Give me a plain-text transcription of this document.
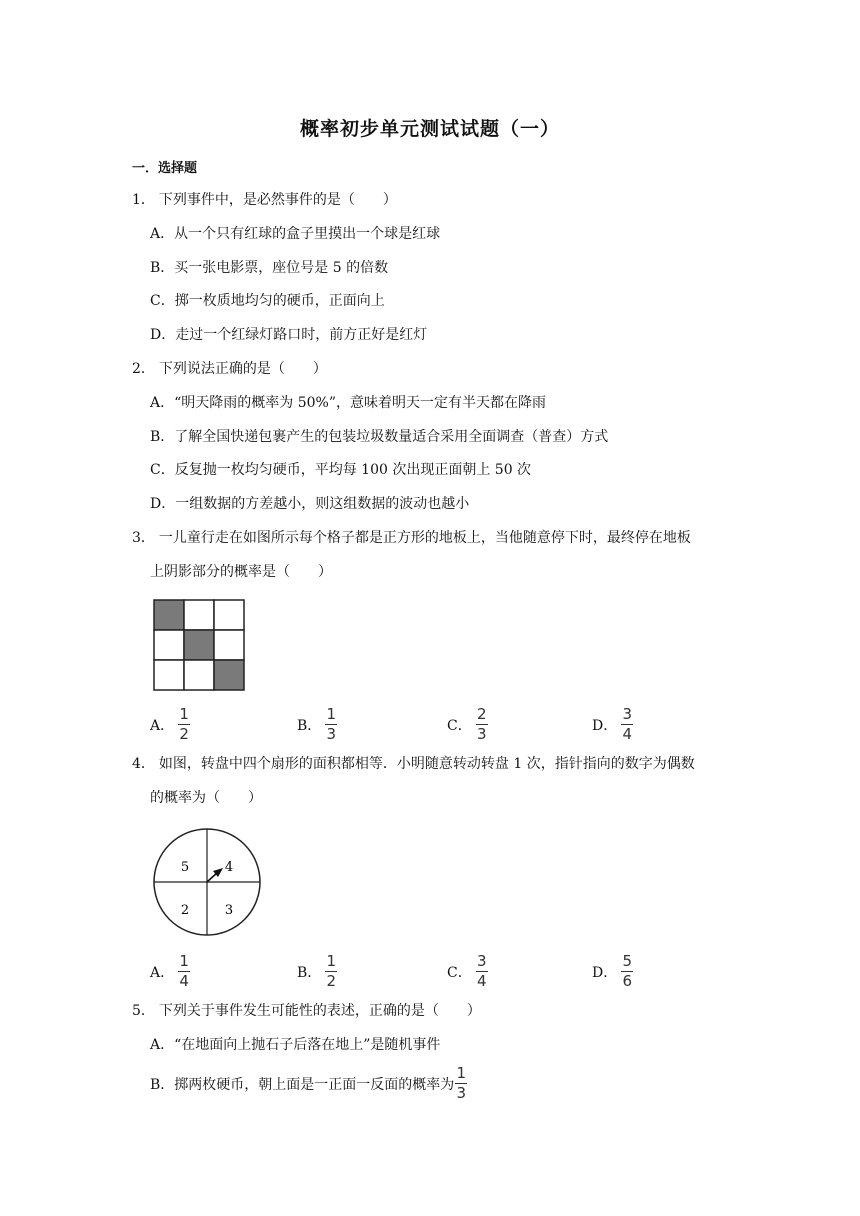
概率初步单元测试试题（一）
一．选择题
1． 下列事件中，是必然事件的是（　　）
A．从一个只有红球的盒子里摸出一个球是红球
B．买一张电影票，座位号是 5 的倍数
C．掷一枚质地均匀的硬币，正面向上
D．走过一个红绿灯路口时，前方正好是红灯
2． 下列说法正确的是（　　）
A．“明天降雨的概率为 50%”，意味着明天一定有半天都在降雨
B．了解全国快递包裹产生的包装垃圾数量适合采用全面调查（普查）方式
C．反复抛一枚均匀硬币，平均每 100 次出现正面朝上 50 次
D．一组数据的方差越小，则这组数据的波动也越小
3． 一儿童行走在如图所示每个格子都是正方形的地板上，当他随意停下时，最终停在地板
上阴影部分的概率是（　　）
A． $\frac{1}{2}$	B． $\frac{1}{3}$	C． $\frac{2}{3}$	D． $\frac{3}{4}$
4． 如图，转盘中四个扇形的面积都相等．小明随意转动转盘 1 次，指针指向的数字为偶数
的概率为（　　）
5	4
2	3
A． $\frac{1}{4}$	B． $\frac{1}{2}$	C． $\frac{3}{4}$	D． $\frac{5}{6}$
5． 下列关于事件发生可能性的表述，正确的是（　　）
A．“在地面向上抛石子后落在地上”是随机事件
B．掷两枚硬币，朝上面是一正面一反面的概率为 $\frac{1}{3}$
